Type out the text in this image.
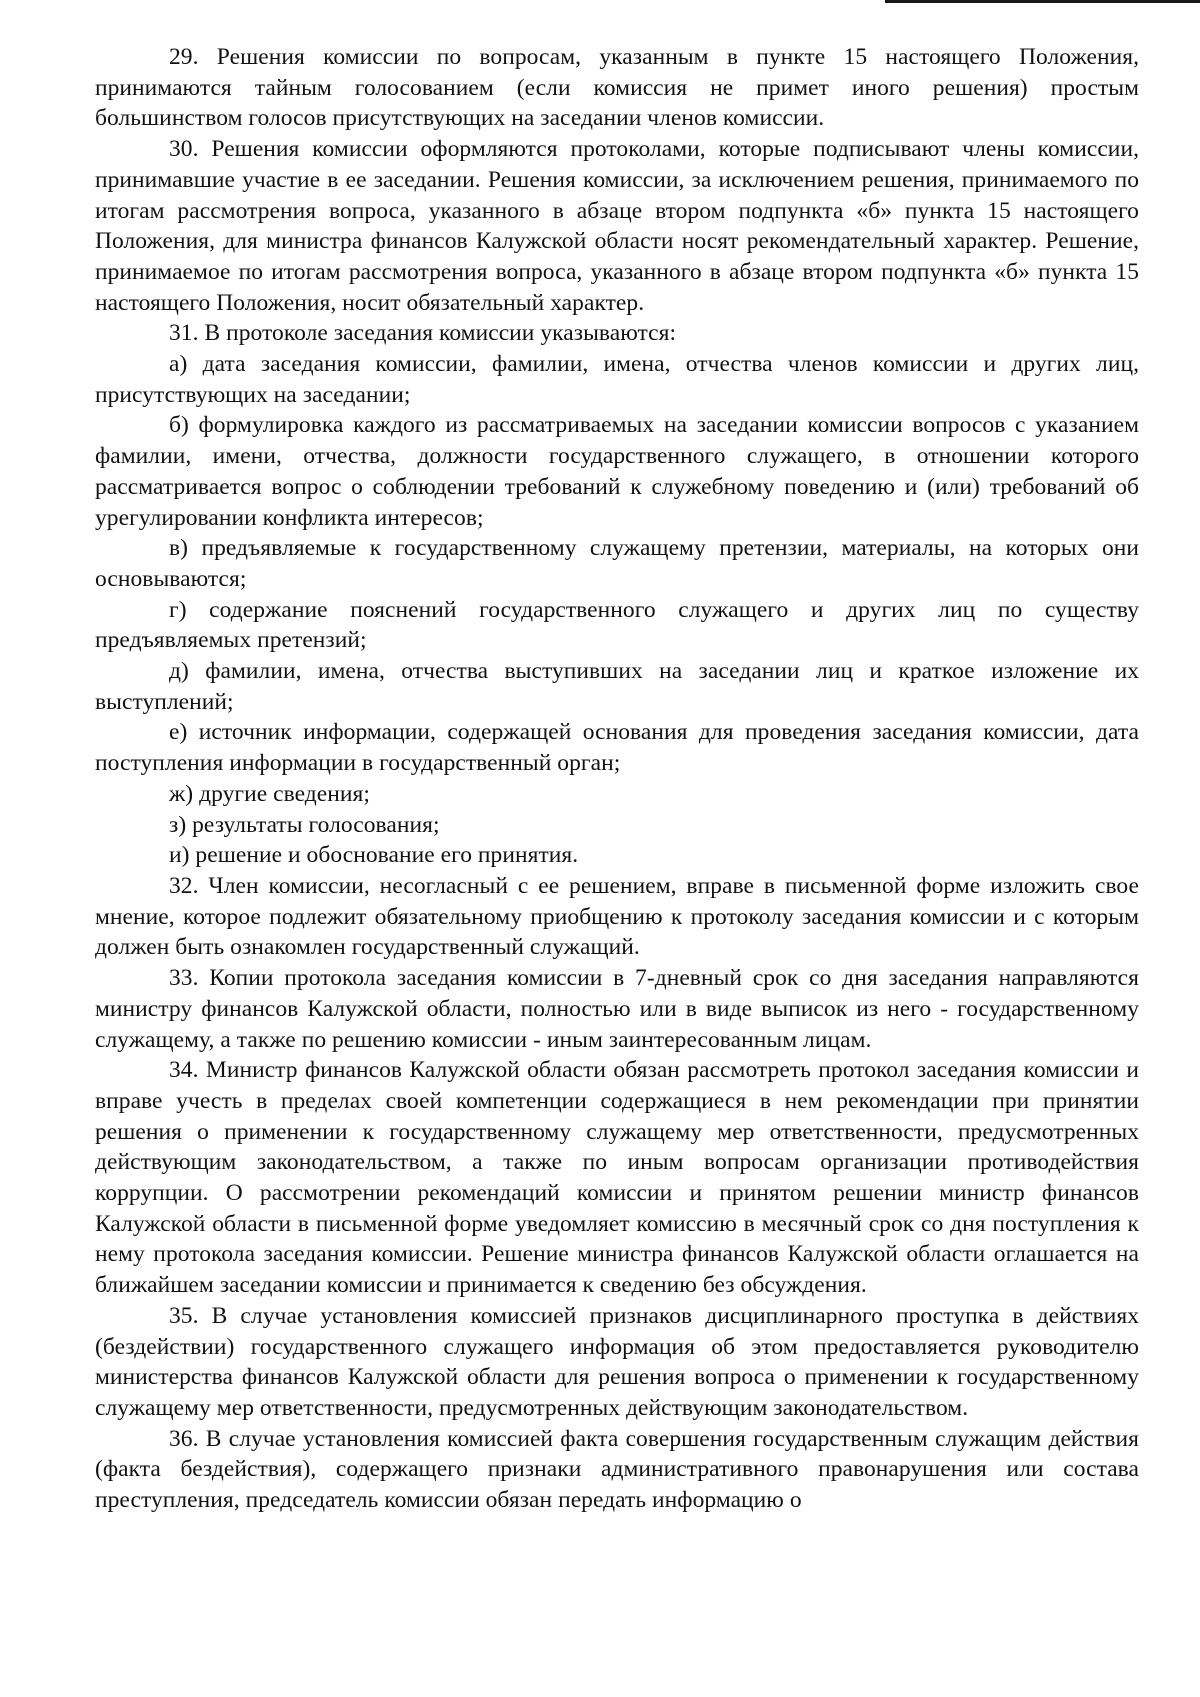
29. Решения комиссии по вопросам, указанным в пункте 15 настоящего Положения, принимаются тайным голосованием (если комиссия не примет иного решения) простым большинством голосов присутствующих на заседании членов комиссии.

30. Решения комиссии оформляются протоколами, которые подписывают члены комиссии, принимавшие участие в ее заседании. Решения комиссии, за исключением решения, принимаемого по итогам рассмотрения вопроса, указанного в абзаце втором подпункта «б» пункта 15 настоящего Положения, для министра финансов Калужской области носят рекомендательный характер. Решение, принимаемое по итогам рассмотрения вопроса, указанного в абзаце втором подпункта «б» пункта 15 настоящего Положения, носит обязательный характер.

31. В протоколе заседания комиссии указываются:

а) дата заседания комиссии, фамилии, имена, отчества членов комиссии и других лиц, присутствующих на заседании;

б) формулировка каждого из рассматриваемых на заседании комиссии вопросов с указанием фамилии, имени, отчества, должности государственного служащего, в отношении которого рассматривается вопрос о соблюдении требований к служебному поведению и (или) требований об урегулировании конфликта интересов;

в) предъявляемые к государственному служащему претензии, материалы, на которых они основываются;

г) содержание пояснений государственного служащего и других лиц по существу предъявляемых претензий;

д) фамилии, имена, отчества выступивших на заседании лиц и краткое изложение их выступлений;

е) источник информации, содержащей основания для проведения заседания комиссии, дата поступления информации в государственный орган;

ж) другие сведения;

з) результаты голосования;

и) решение и обоснование его принятия.

32. Член комиссии, несогласный с ее решением, вправе в письменной форме изложить свое мнение, которое подлежит обязательному приобщению к протоколу заседания комиссии и с которым должен быть ознакомлен государственный служащий.

33. Копии протокола заседания комиссии в 7-дневный срок со дня заседания направляются министру финансов Калужской области, полностью или в виде выписок из него - государственному служащему, а также по решению комиссии - иным заинтересованным лицам.

34. Министр финансов Калужской области обязан рассмотреть протокол заседания комиссии и вправе учесть в пределах своей компетенции содержащиеся в нем рекомендации при принятии решения о применении к государственному служащему мер ответственности, предусмотренных действующим законодательством, а также по иным вопросам организации противодействия коррупции. О рассмотрении рекомендаций комиссии и принятом решении министр финансов Калужской области в письменной форме уведомляет комиссию в месячный срок со дня поступления к нему протокола заседания комиссии. Решение министра финансов Калужской области оглашается на ближайшем заседании комиссии и принимается к сведению без обсуждения.

35. В случае установления комиссией признаков дисциплинарного проступка в действиях (бездействии) государственного служащего информация об этом предоставляется руководителю министерства финансов Калужской области для решения вопроса о применении к государственному служащему мер ответственности, предусмотренных действующим законодательством.

36. В случае установления комиссией факта совершения государственным служащим действия (факта бездействия), содержащего признаки административного правонарушения или состава преступления, председатель комиссии обязан передать информацию о
